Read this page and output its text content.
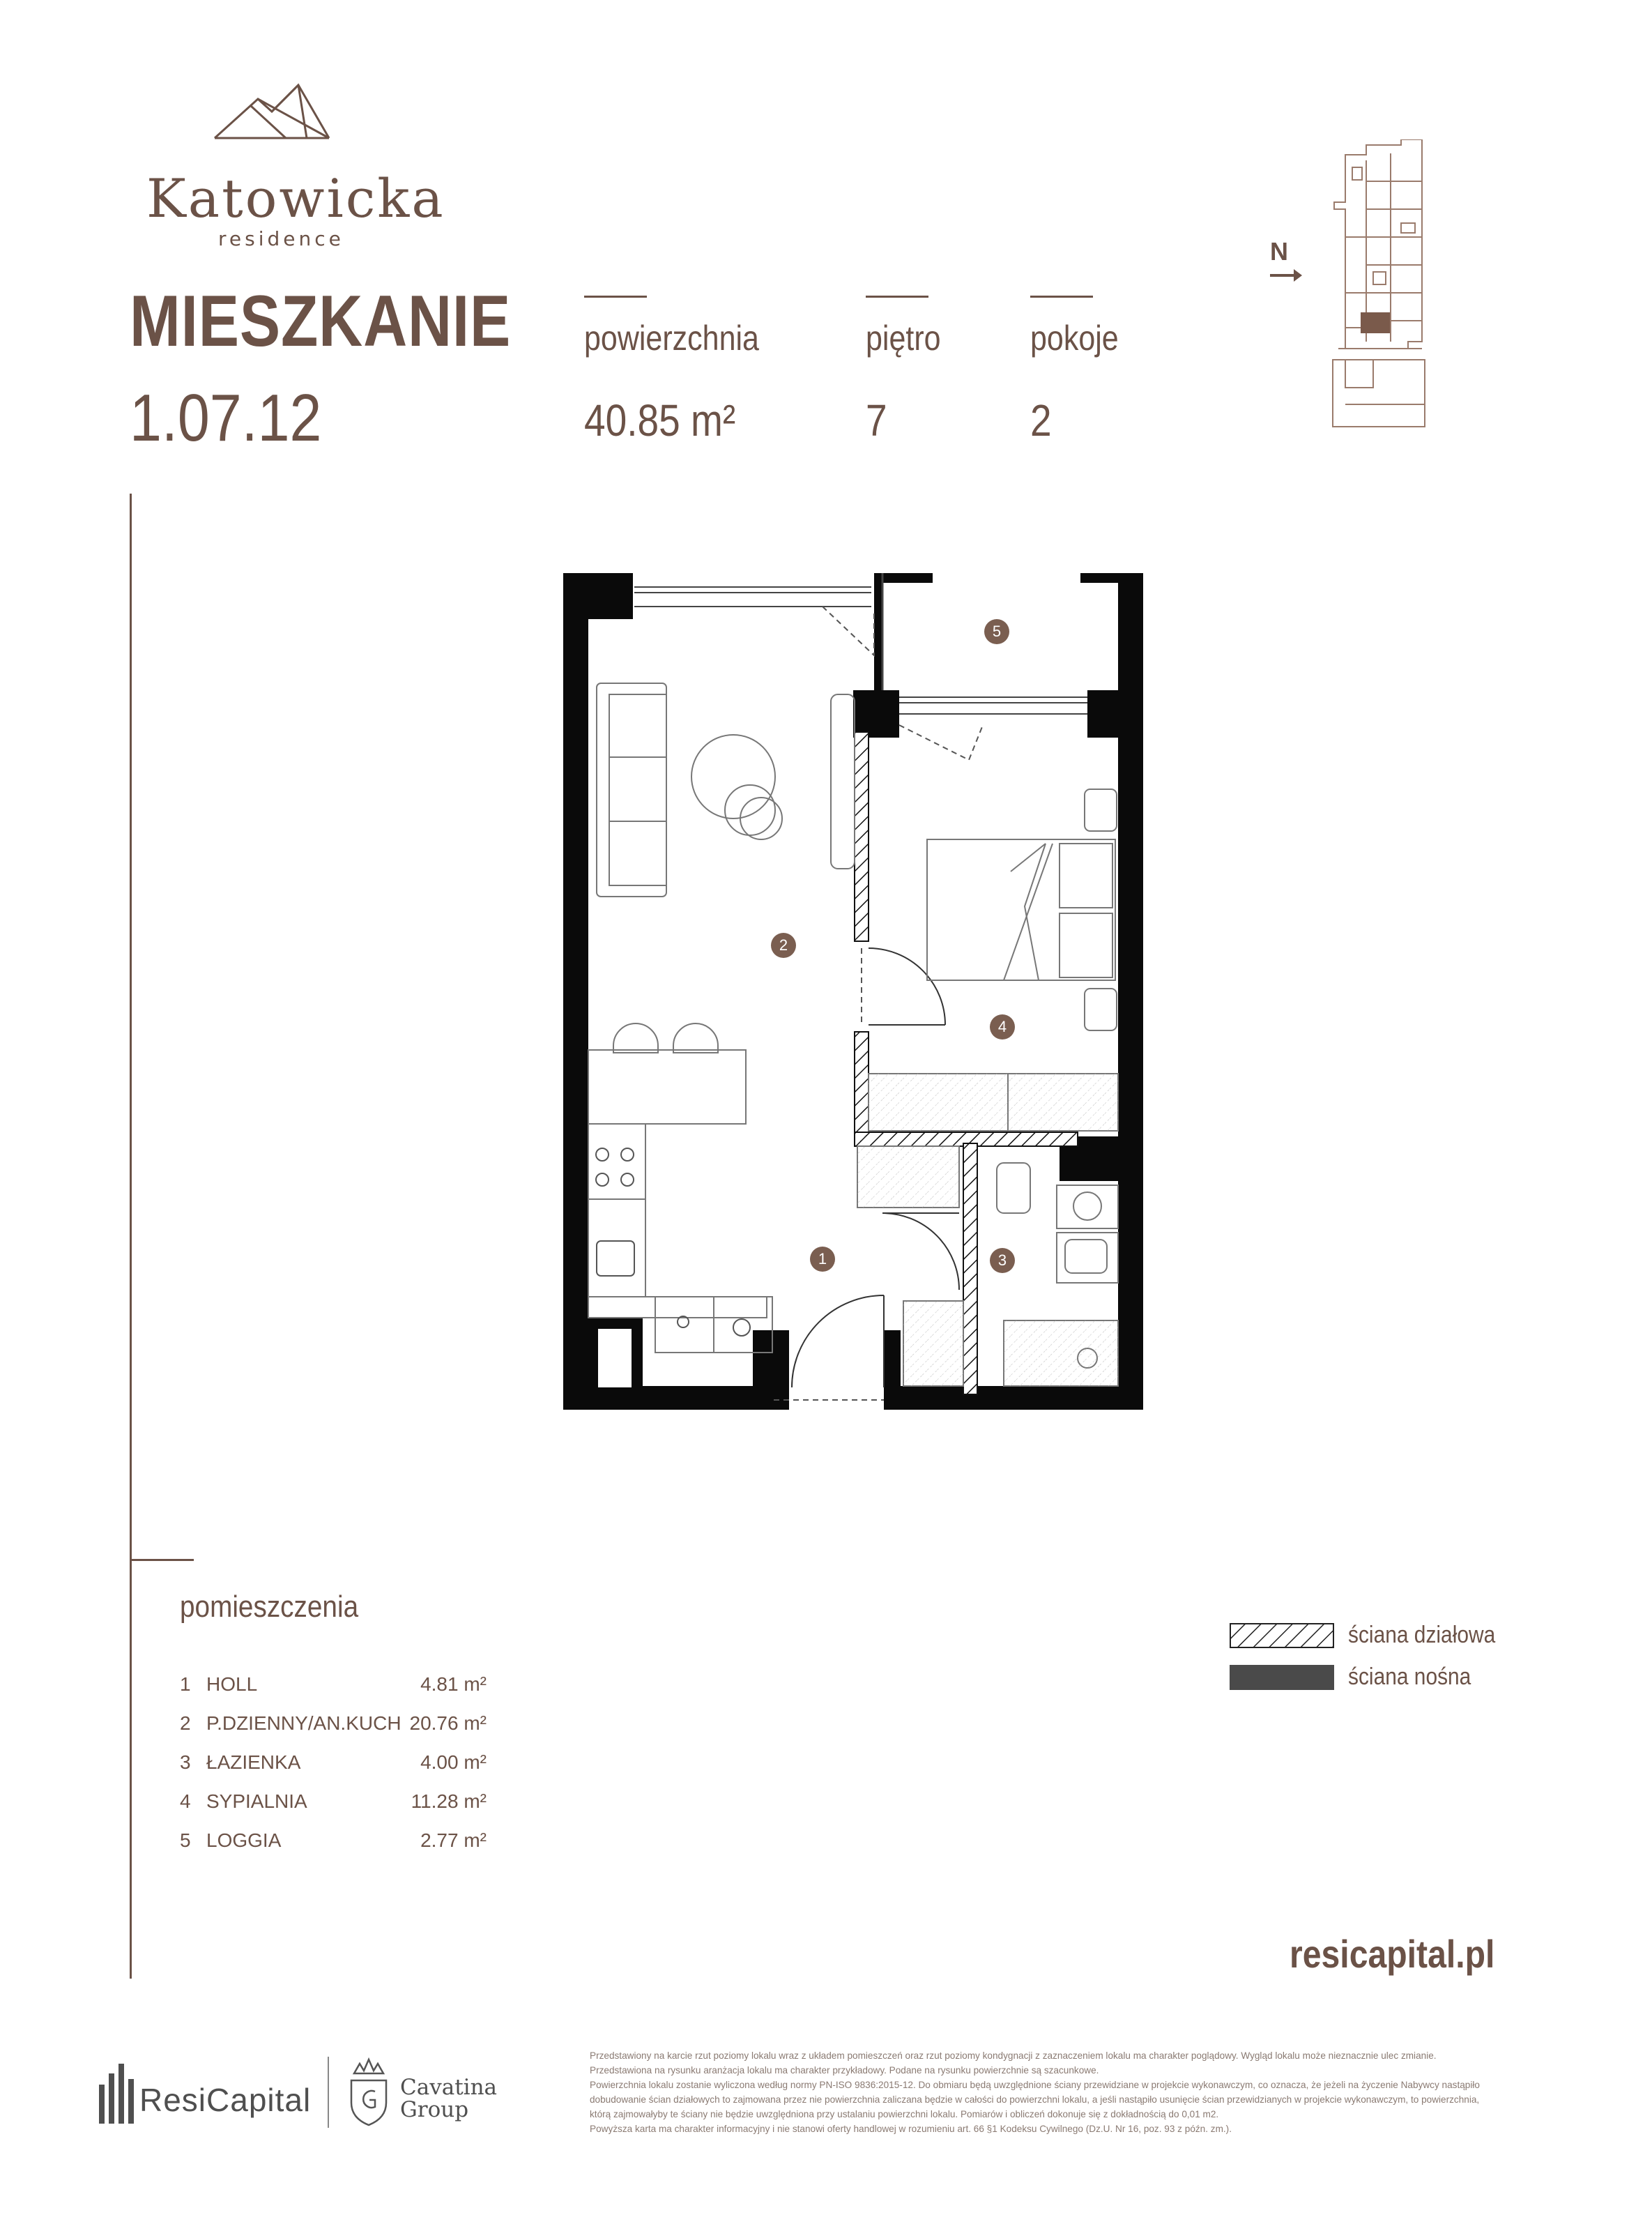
Katowicka
residence
MIESZKANIE
1.07.12
powierzchnia
40.85 m²
piętro
7
pokoje
2
N
5
2
4
1	3
pomieszczenia
1 HOLL	4.81 m²
2 P.DZIENNY/AN.KUCH 20.76 m²
3 ŁAZIENKA	4.00 m²
4 SYPIALNIA	11.28 m²
5 LOGGIA	2.77 m²
ściana działowa
ściana nośna
resicapital.pl
ResiCapital	Cavatina
Group
Przedstawiony na karcie rzut poziomy lokalu wraz z układem pomieszczeń oraz rzut poziomy kondygnacji z zaznaczeniem lokalu ma charakter poglądowy. Wygląd lokalu może nieznacznie ulec zmianie.
Przedstawiona na rysunku aranżacja lokalu ma charakter przykładowy. Podane na rysunku powierzchnie są szacunkowe.
Powierzchnia lokalu zostanie wyliczona według normy PN-ISO 9836:2015-12. Do obmiaru będą uwzględnione ściany przewidziane w projekcie wykonawczym, co oznacza, że jeżeli na życzenie Nabywcy nastąpiło dobudowanie ścian działowych to zajmowana przez nie powierzchnia zaliczana będzie w całości do powierzchni lokalu, a jeśli nastąpiło usunięcie ścian przewidzianych w projekcie wykonawczym, to powierzchnia, którą zajmowałyby te ściany nie będzie uwzględniona przy ustalaniu powierzchni lokalu. Pomiarów i obliczeń dokonuje się z dokładnością do 0,01 m2.
Powyższa karta ma charakter informacyjny i nie stanowi oferty handlowej w rozumieniu art. 66 §1 Kodeksu Cywilnego (Dz.U. Nr 16, poz. 93 z późn. zm.).
